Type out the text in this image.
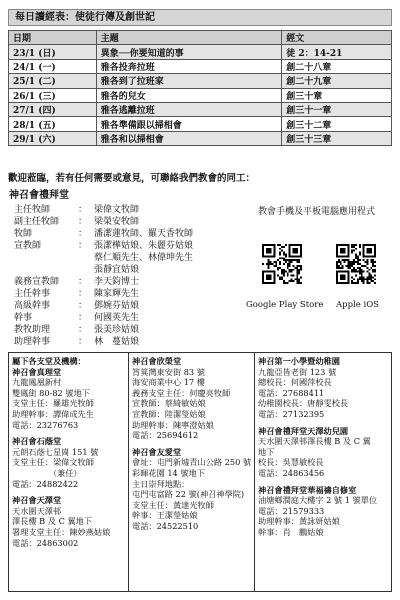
每日讀經表：使徒行傳及創世記
日期	主題	經文
23/1 (日)	異象──你要知道的事	徒 2：14-21
24/1 (一)	雅各投奔拉班	創二十八章
25/1 (二)	雅各到了拉班家	創二十九章
26/1 (三)	雅各的兒女	創三十章
27/1 (四)	雅各逃離拉班	創三十一章
28/1 (五)	雅各準備跟以掃相會	創三十二章
29/1 (六)	雅各和以掃相會	創三十三章
歡迎蒞臨，若有任何需要或意見，可聯絡我們教會的同工：
神召會禮拜堂
主任牧師	： 梁偉文牧師
副主任牧師	： 梁榮安牧師
牧師	： 潘潔蓮牧師、羅天香牧師
宣教師	： 張潔樺姑娘、朱麗芬姑娘
蔡仁順先生、林偉坤先生
張靜宜姑娘
義務宣教師	： 李天鈞博士
主任幹事	： 陳家輝先生
高級幹事	： 鄧婉芬姑娘
幹事	： 何國英先生
教牧助理	： 張美珍姑娘
助理幹事	： 林　蔓姑娘
教會手機及平板電腦應用程式
Google Play Store Apple iOS
屬下各支堂及機構：
神召會真理堂
九龍鳳凰新村
雙鳳街 80-82 號地下
支堂主任：羅雄光牧師
助理幹事：譚偉成先生
電話：23276763
神召會石蔭堂
元朗石蔭七星崗 151 號
支堂主任：梁偉文牧師
　　　　　（兼任）
電話：24882422
神召會天澤堂
天水圍天澤邨
澤長樓 B 及 C 翼地下
署理支堂主任：陳妙燕姑娘
電話：24863002
神召會欣榮堂
筲箕灣東安街 83 號
海安商業中心 17 樓
義務支堂主任：何慶亮牧師
宣教師：蔡綺敏姑娘
宣教師：陸潔瑩姑娘
助理幹事：陳寧澄姑娘
電話：25694612
神召會友愛堂
會址：屯門新墟青山公路 250 號
彩暉花園 14 號地下
主日崇拜地點：
屯門屯富路 22 號(神召神學院)
支堂主任：黃達光牧師
幹事：王潔瑩姑娘
電話：24522510
神召第一小學暨幼稚園
九龍亞皆老街 123 號
總校長：何國萍校長
電話：27688411
幼稚園校長：唐靜雯校長
電話：27132395
神召會禮拜堂天澤幼兒園
天水圍天澤邨澤長樓 B 及 C 翼
地下
校長：吳慧敏校長
電話：24863456
神召會禮拜堂華福禱自修室
油塘鄉潤庭大樓字 2 號 1 號單位
電話：21579333
助理幹事：黃詠妍姑娘
幹事：肖　鵬姑娘
